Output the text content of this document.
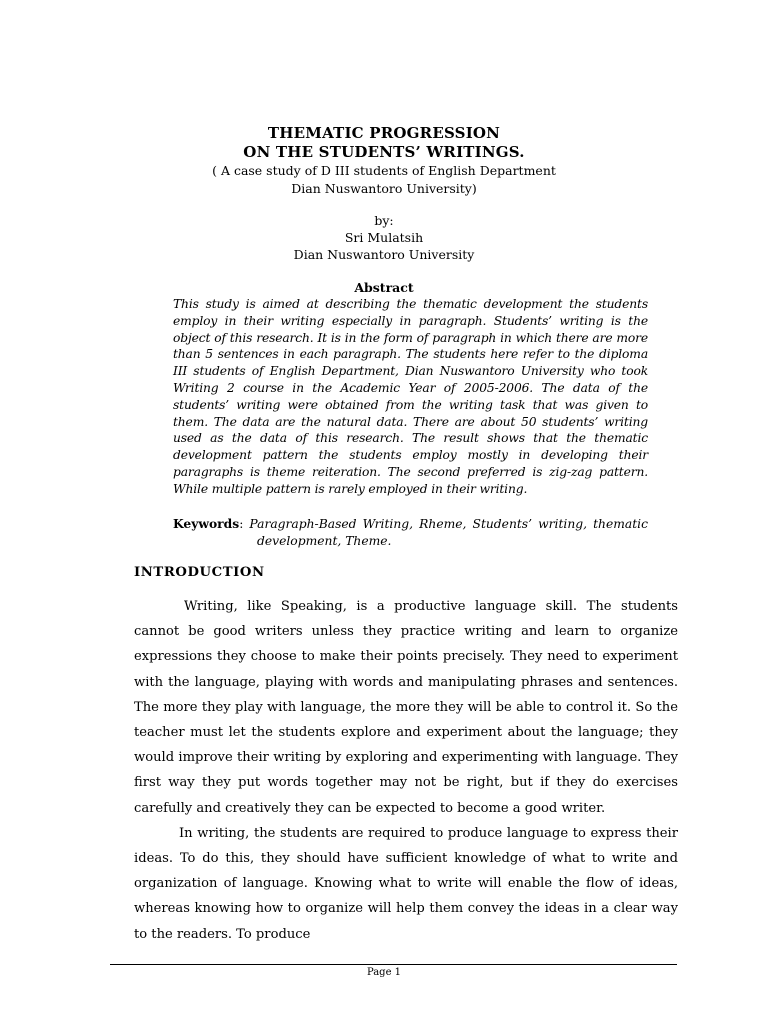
THEMATIC PROGRESSION
ON THE STUDENTS’ WRITINGS.
( A case study of D III students of English Department
Dian Nuswantoro University)
by:
Sri Mulatsih
Dian Nuswantoro University
Abstract
This study is aimed at describing the thematic development the students employ in their writing especially in paragraph. Students’ writing is the object of this research. It is in the form of paragraph in which there are more than 5 sentences in each paragraph. The students here refer to the diploma III students of English Department, Dian Nuswantoro University who took Writing 2 course in the Academic Year of 2005-2006. The data of the students’ writing were obtained from the writing task that was given to them. The data are the natural data. There are about 50 students’ writing used as the data of this research. The result shows that the thematic development pattern the students employ mostly in developing their paragraphs is theme reiteration. The second preferred is zig-zag pattern. While multiple pattern is rarely employed in their writing.
Keywords: Paragraph-Based Writing, Rheme, Students’ writing, thematic development, Theme.
INTRODUCTION

Writing, like Speaking, is a productive language skill. The students cannot be good writers unless they practice writing and learn to organize expressions they choose to make their points precisely. They need to experiment with the language, playing with words and manipulating phrases and sentences. The more they play with language, the more they will be able to control it. So the teacher must let the students explore and experiment about the language; they would improve their writing by exploring and experimenting with language. They first way they put words together may not be right, but if they do exercises carefully and creatively they can be expected to become a good writer.

In writing, the students are required to produce language to express their ideas. To do this, they should have sufficient knowledge of what to write and organization of language. Knowing what to write will enable the flow of ideas, whereas knowing how to organize will help them convey the ideas in a clear way to the readers. To produce

Page 1
